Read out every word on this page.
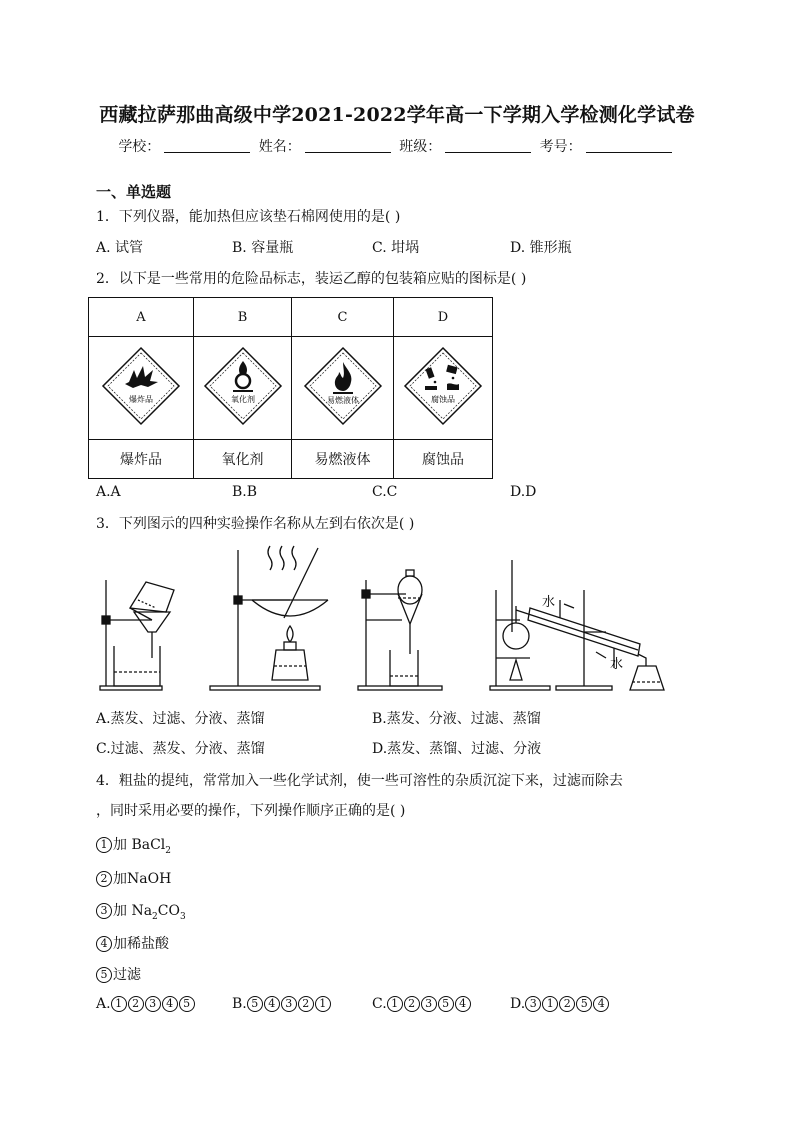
西藏拉萨那曲高级中学2021-2022学年高一下学期入学检测化学试卷
学校：	姓名：	班级：	考号：
一、单选题
1．下列仪器，能加热但应该垫石棉网使用的是( )
A. 试管	B. 容量瓶	C. 坩埚	D. 锥形瓶
2．以下是一些常用的危险品标志，装运乙醇的包装箱应贴的图标是( )
A	B	C	D

爆炸品	氧化剂	易燃液体	腐蚀品

爆炸品	氧化剂	易燃液体	腐蚀品
A.A	B.B	C.C	D.D
3．下列图示的四种实验操作名称从左到右依次是( )
水
水
A.蒸发、过滤、分液、蒸馏	B.蒸发、分液、过滤、蒸馏
C.过滤、蒸发、分液、蒸馏	D.蒸发、蒸馏、过滤、分液
4．粗盐的提纯，常常加入一些化学试剂，使一些可溶性的杂质沉淀下来，过滤而除去
，同时采用必要的操作，下列操作顺序正确的是( )
1 加 BaCl$_2$
2 加NaOH
3 加 $Na_2CO_3$
4 加稀盐酸
5 过滤
A. 1 2 3 4 5	B. 5 4 3 2 1	C. 1 2 3 5 4	D. 3 1 2 5 4
